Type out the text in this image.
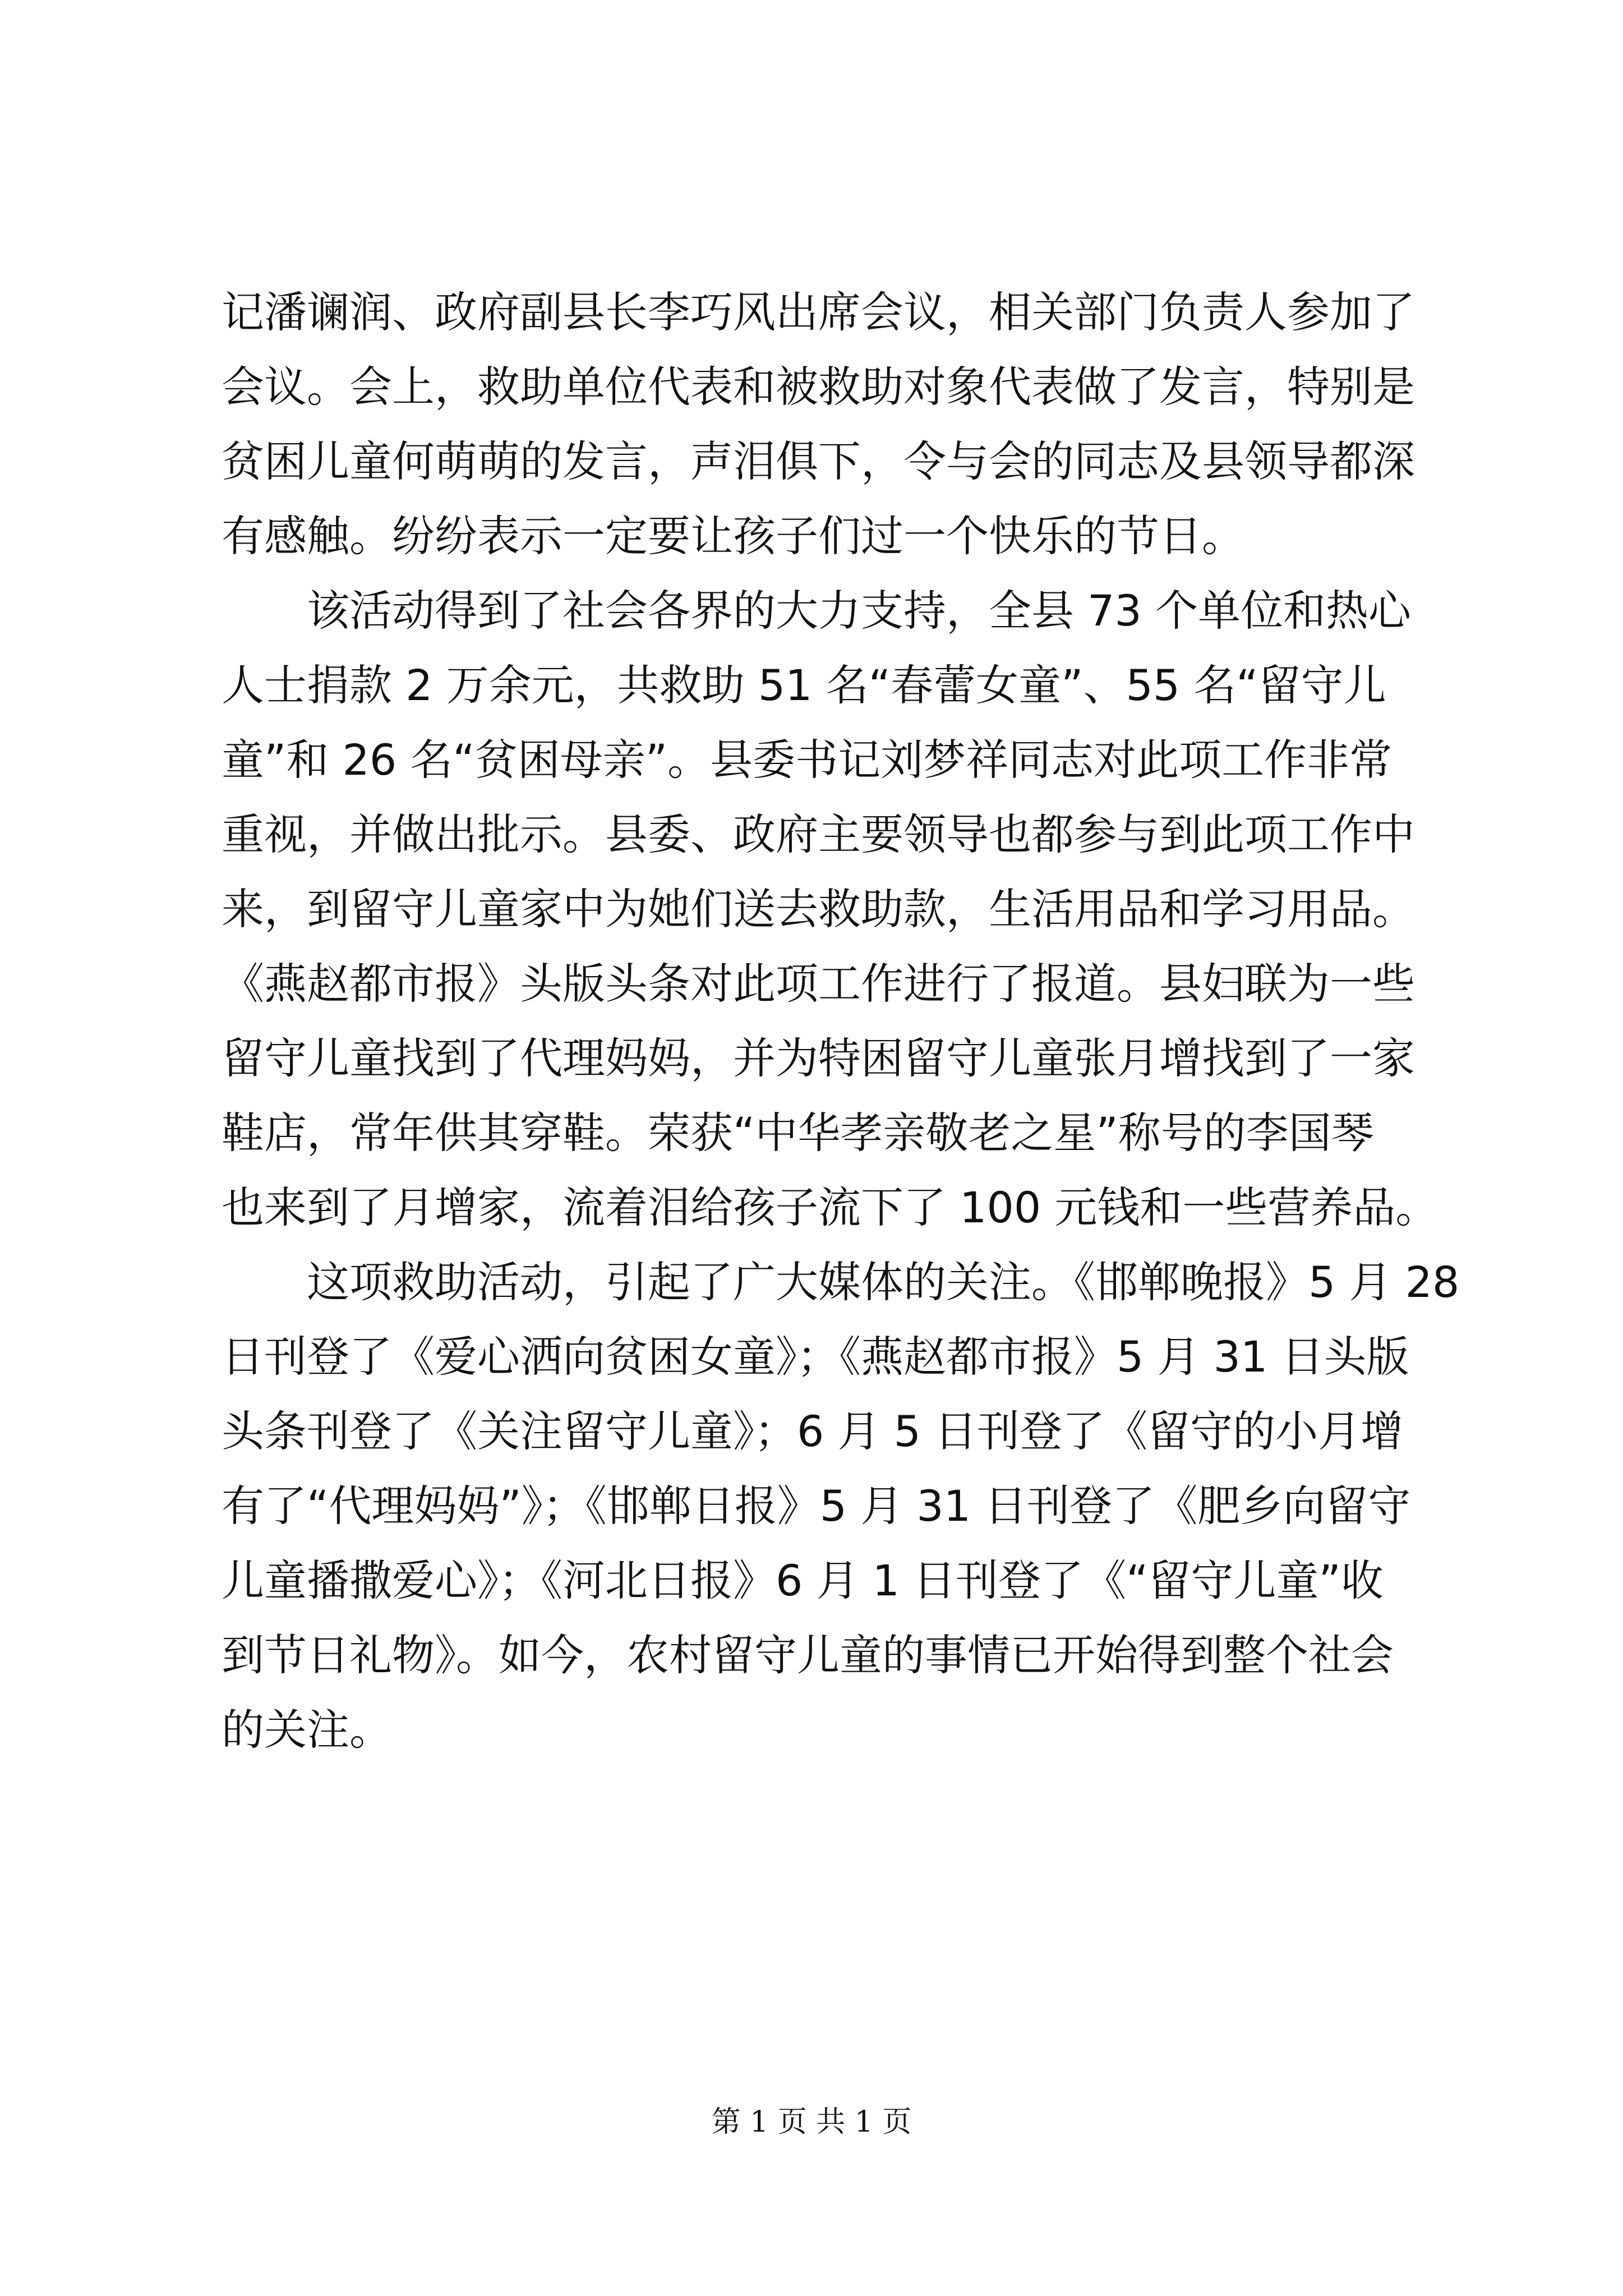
记潘谰润、政府副县长李巧风出席会议，相关部门负责人参加了
会议。会上，救助单位代表和被救助对象代表做了发言，特别是
贫困儿童何萌萌的发言，声泪俱下，令与会的同志及县领导都深
有感触。纷纷表示一定要让孩子们过一个快乐的节日。
　　该活动得到了社会各界的大力支持，全县 73 个单位和热心
人士捐款 2 万余元，共救助 51 名“春蕾女童”、55 名“留守儿
童”和 26 名“贫困母亲”。县委书记刘梦祥同志对此项工作非常
重视，并做出批示。县委、政府主要领导也都参与到此项工作中
来，到留守儿童家中为她们送去救助款，生活用品和学习用品。
《燕赵都市报》头版头条对此项工作进行了报道。县妇联为一些
留守儿童找到了代理妈妈，并为特困留守儿童张月增找到了一家
鞋店，常年供其穿鞋。荣获“中华孝亲敬老之星”称号的李国琴
也来到了月增家，流着泪给孩子流下了 100 元钱和一些营养品。
　　这项救助活动，引起了广大媒体的关注。《邯郸晚报》5 月 28
日刊登了《爱心洒向贫困女童》；《燕赵都市报》5 月 31 日头版
头条刊登了《关注留守儿童》；6 月 5 日刊登了《留守的小月增
有了“代理妈妈”》；《邯郸日报》5 月 31 日刊登了《肥乡向留守
儿童播撒爱心》；《河北日报》6 月 1 日刊登了《“留守儿童”收
到节日礼物》。如今，农村留守儿童的事情已开始得到整个社会
的关注。
第 1 页 共 1 页
